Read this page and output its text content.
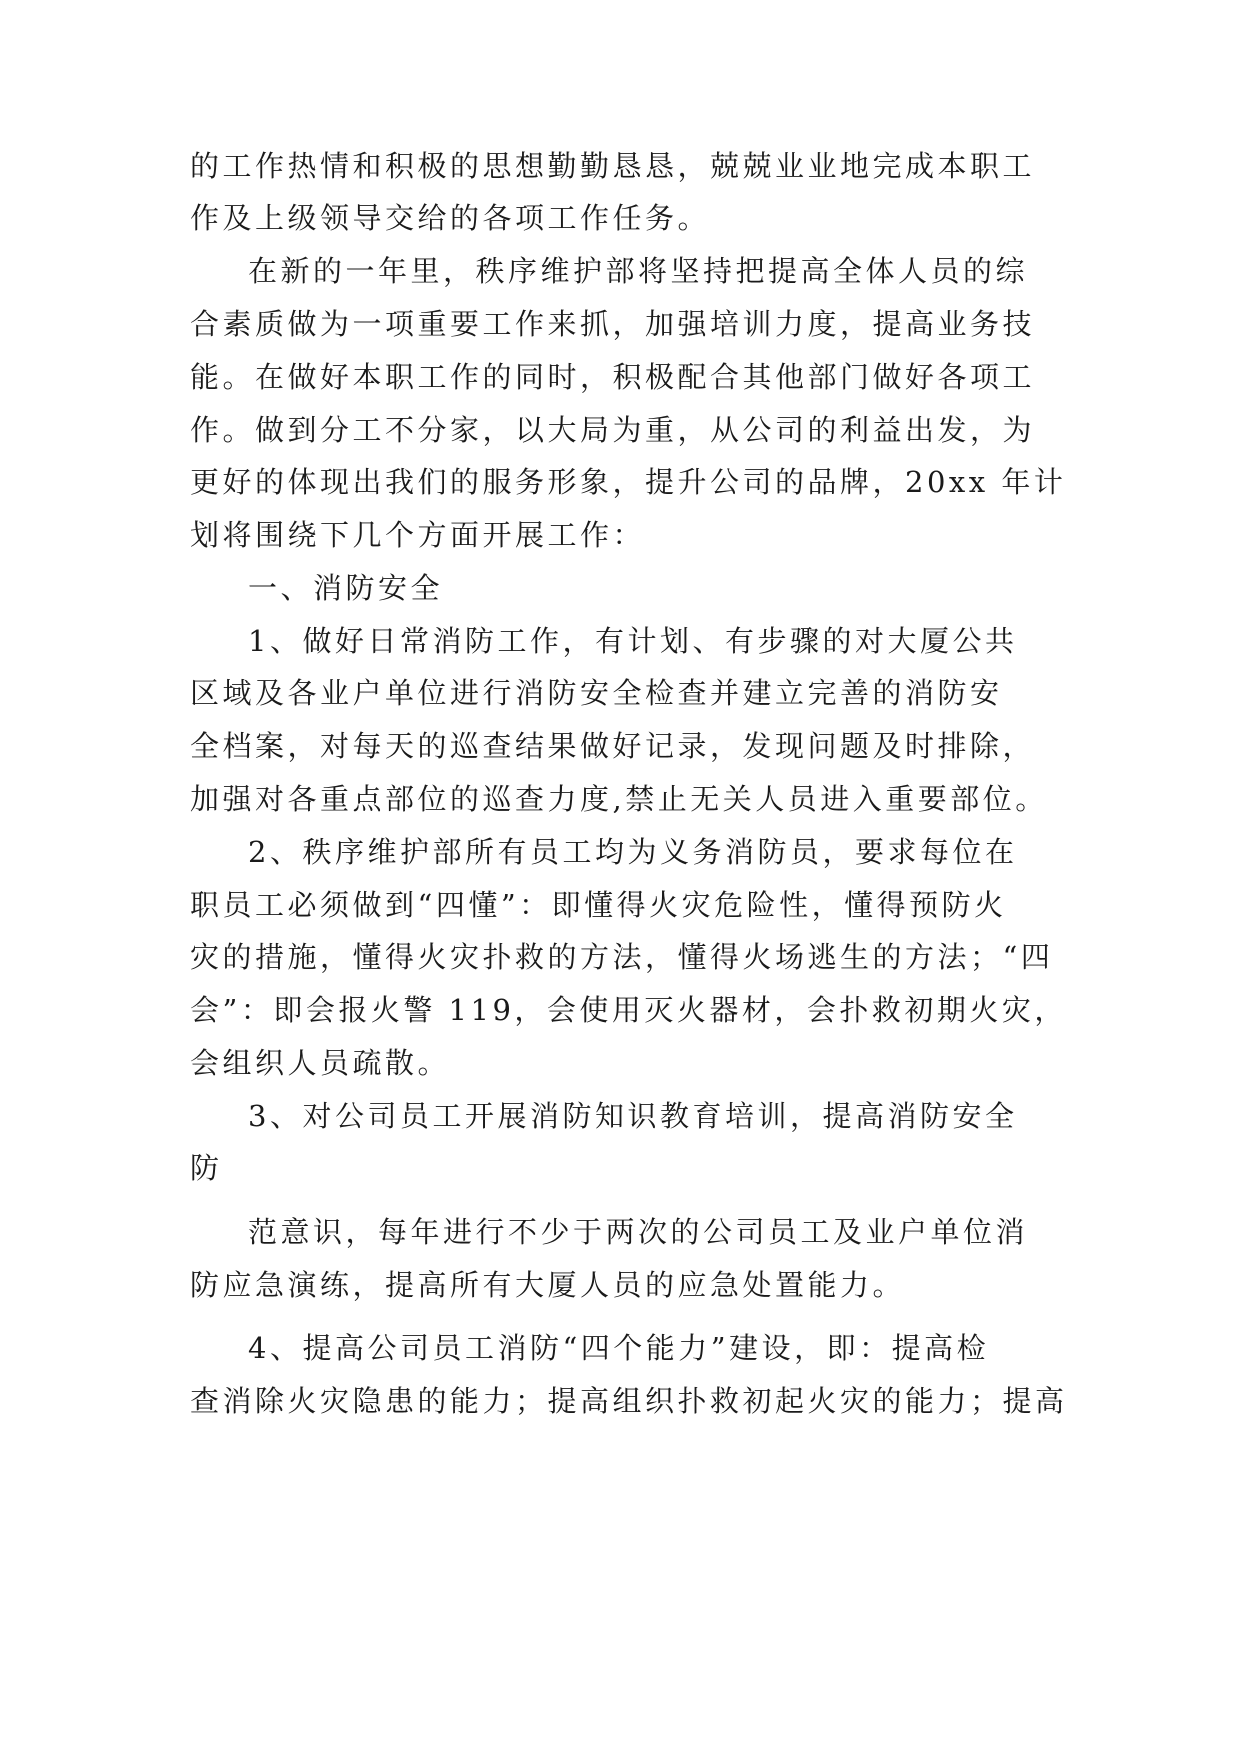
的工作热情和积极的思想勤勤恳恳，兢兢业业地完成本职工
作及上级领导交给的各项工作任务。
在新的一年里，秩序维护部将坚持把提高全体人员的综
合素质做为一项重要工作来抓，加强培训力度，提高业务技
能。在做好本职工作的同时，积极配合其他部门做好各项工
作。做到分工不分家，以大局为重，从公司的利益出发，为
更好的体现出我们的服务形象，提升公司的品牌，20xx 年计
划将围绕下几个方面开展工作：
一、消防安全
1、做好日常消防工作，有计划、有步骤的对大厦公共
区域及各业户单位进行消防安全检查并建立完善的消防安
全档案，对每天的巡查结果做好记录，发现问题及时排除，
加强对各重点部位的巡查力度,禁止无关人员进入重要部位。
2、秩序维护部所有员工均为义务消防员，要求每位在
职员工必须做到“四懂”：即懂得火灾危险性，懂得预防火
灾的措施，懂得火灾扑救的方法，懂得火场逃生的方法；“四
会”：即会报火警 119，会使用灭火器材，会扑救初期火灾，
会组织人员疏散。
3、对公司员工开展消防知识教育培训，提高消防安全
防
范意识，每年进行不少于两次的公司员工及业户单位消
防应急演练，提高所有大厦人员的应急处置能力。
4、提高公司员工消防“四个能力”建设，即：提高检
查消除火灾隐患的能力；提高组织扑救初起火灾的能力；提高
